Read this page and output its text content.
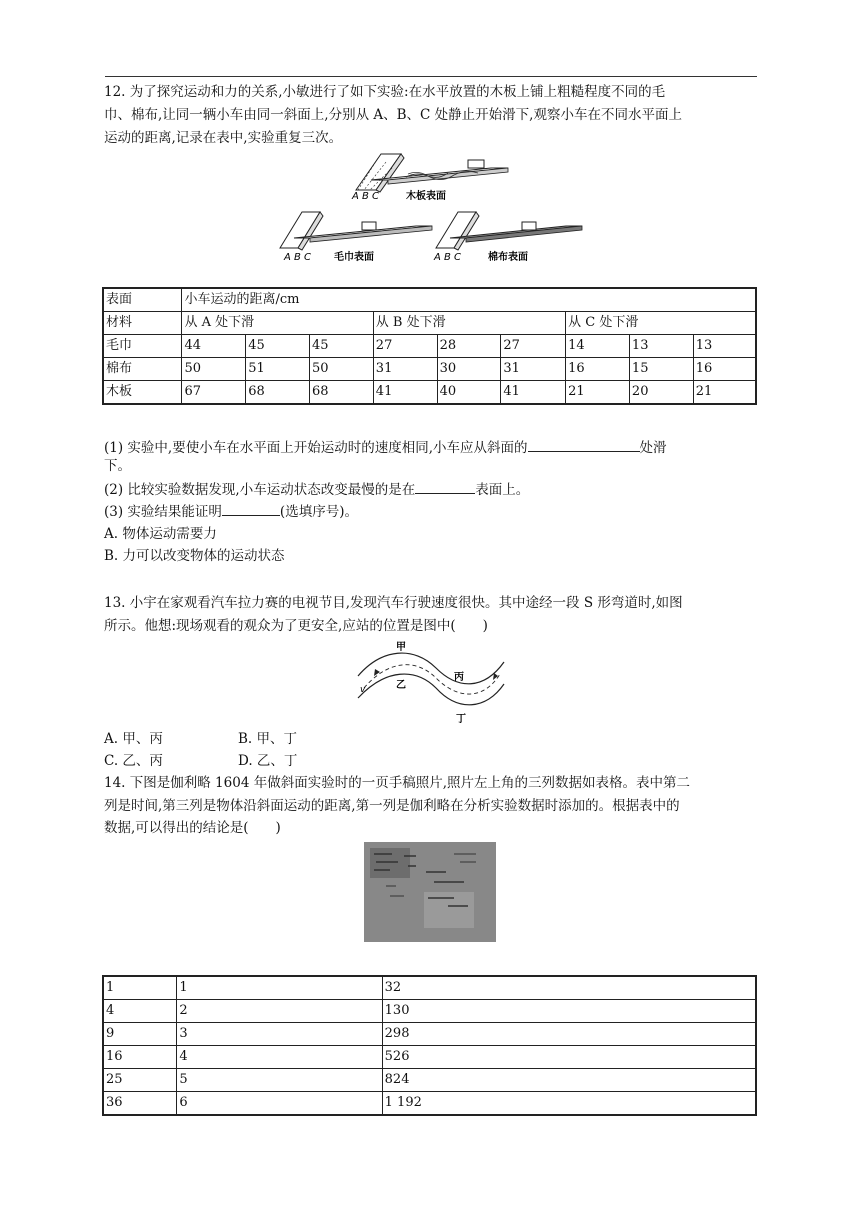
12. 为了探究运动和力的关系,小敏进行了如下实验:在水平放置的木板上铺上粗糙程度不同的毛
巾、棉布,让同一辆小车由同一斜面上,分别从 A、B、C 处静止开始滑下,观察小车在不同水平面上
运动的距离,记录在表中,实验重复三次。
A B C	木板表面
A B C 毛巾表面	A B C	棉布表面
表面	小车运动的距离/cm								
材料	从 A 处下滑			从 B 处下滑			从 C 处下滑		
毛巾	44	45	45	27	28	27	14	13	13
棉布	50	51	50	31	30	31	16	15	16
木板	67	68	68	41	40	41	21	20	21
(1) 实验中,要使小车在水平面上开始运动时的速度相同,小车应从斜面的	处滑
下。
(2) 比较实验数据发现,小车运动状态改变最慢的是在	表面上。
(3) 实验结果能证明	(选填序号)。
A. 物体运动需要力
B. 力可以改变物体的运动状态
13. 小宇在家观看汽车拉力赛的电视节目,发现汽车行驶速度很快。其中途经一段 S 形弯道时,如图
所示。他想:现场观看的观众为了更安全,应站的位置是图中(　　)
甲
乙
丙
丁
v
A. 甲、丙	B. 甲、丁
C. 乙、丙	D. 乙、丁
14. 下图是伽利略 1604 年做斜面实验时的一页手稿照片,照片左上角的三列数据如表格。表中第二
列是时间,第三列是物体沿斜面运动的距离,第一列是伽利略在分析实验数据时添加的。根据表中的
数据,可以得出的结论是(　　)
1	1	32
4	2	130
9	3	298
16	4	526
25	5	824
36	6	1 192
